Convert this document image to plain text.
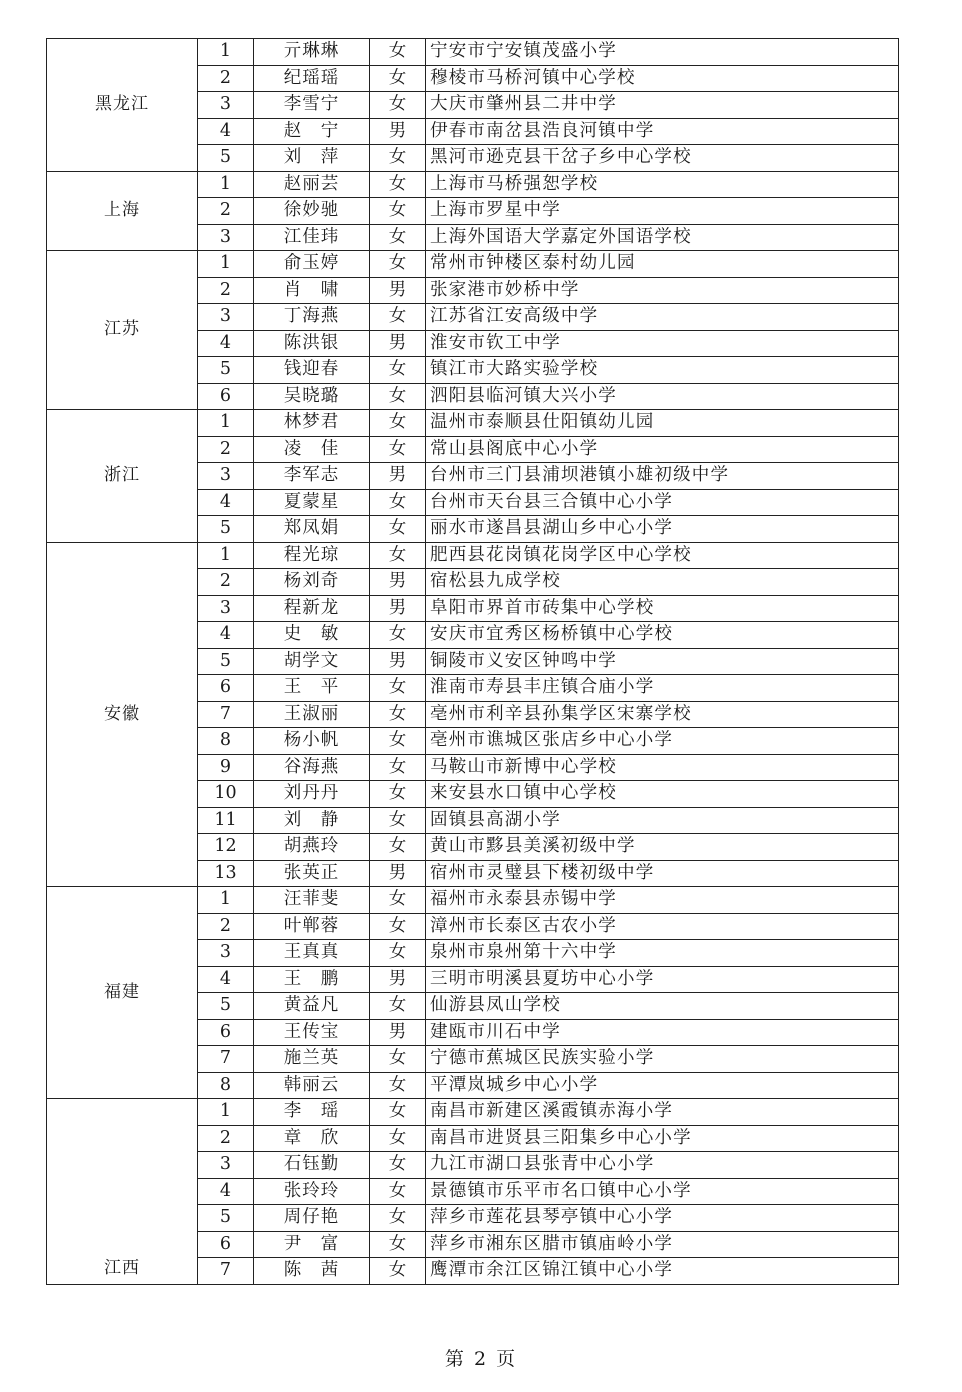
黑龙江	1	亓琳琳	女	宁安市宁安镇茂盛小学
	2	纪瑶瑶	女	穆棱市马桥河镇中心学校
	3	李雪宁	女	大庆市肇州县二井中学
	4	赵　宁	男	伊春市南岔县浩良河镇中学
	5	刘　萍	女	黑河市逊克县干岔子乡中心学校
上海	1	赵丽芸	女	上海市马桥强恕学校
	2	徐妙驰	女	上海市罗星中学
	3	江佳玮	女	上海外国语大学嘉定外国语学校
江苏	1	俞玉婷	女	常州市钟楼区泰村幼儿园
	2	肖　啸	男	张家港市妙桥中学
	3	丁海燕	女	江苏省江安高级中学
	4	陈洪银	男	淮安市钦工中学
	5	钱迎春	女	镇江市大路实验学校
	6	吴晓璐	女	泗阳县临河镇大兴小学
浙江	1	林梦君	女	温州市泰顺县仕阳镇幼儿园
	2	凌　佳	女	常山县阁底中心小学
	3	李军志	男	台州市三门县浦坝港镇小雄初级中学
	4	夏蒙星	女	台州市天台县三合镇中心小学
	5	郑凤娟	女	丽水市遂昌县湖山乡中心小学
安徽	1	程光琼	女	肥西县花岗镇花岗学区中心学校
	2	杨刘奇	男	宿松县九成学校
	3	程新龙	男	阜阳市界首市砖集中心学校
	4	史　敏	女	安庆市宜秀区杨桥镇中心学校
	5	胡学文	男	铜陵市义安区钟鸣中学
	6	王　平	女	淮南市寿县丰庄镇合庙小学
	7	王淑丽	女	亳州市利辛县孙集学区宋寨学校
	8	杨小帆	女	亳州市谯城区张店乡中心小学
	9	谷海燕	女	马鞍山市新博中心学校
	10	刘丹丹	女	来安县水口镇中心学校
	11	刘　静	女	固镇县高湖小学
	12	胡燕玲	女	黄山市黟县美溪初级中学
	13	张英正	男	宿州市灵璧县下楼初级中学
福建	1	汪菲斐	女	福州市永泰县赤锡中学
	2	叶郸蓉	女	漳州市长泰区古农小学
	3	王真真	女	泉州市泉州第十六中学
	4	王　鹏	男	三明市明溪县夏坊中心小学
	5	黄益凡	女	仙游县凤山学校
	6	王传宝	男	建瓯市川石中学
	7	施兰英	女	宁德市蕉城区民族实验小学
	8	韩丽云	女	平潭岚城乡中心小学
江西	1	李　瑶	女	南昌市新建区溪霞镇赤海小学
	2	章　欣	女	南昌市进贤县三阳集乡中心小学
	3	石钰勤	女	九江市湖口县张青中心小学
	4	张玲玲	女	景德镇市乐平市名口镇中心小学
	5	周仔艳	女	萍乡市莲花县琴亭镇中心小学
	6	尹　富	女	萍乡市湘东区腊市镇庙岭小学
	7	陈　茜	女	鹰潭市余江区锦江镇中心小学
第 2 页
